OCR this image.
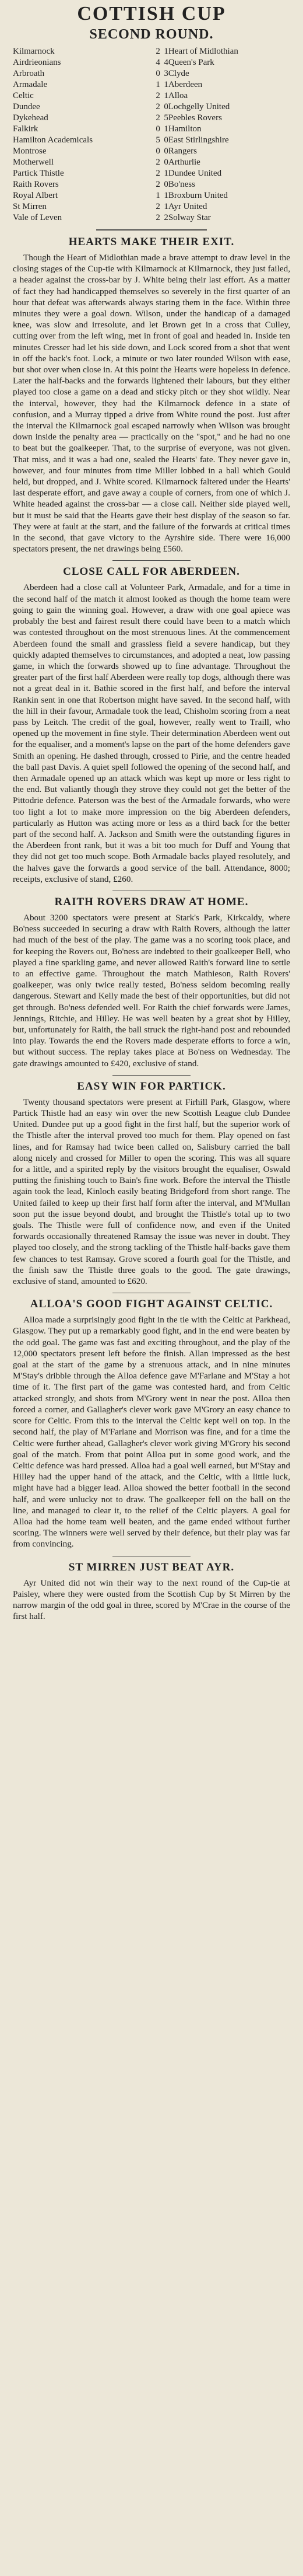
COTTISH CUP
SECOND ROUND.
Kilmarnock	2	1	Heart of Midlothian
Airdrieonians	4	4	Queen's Park
Arbroath	0	3	Clyde
Armadale	1	1	Aberdeen
Celtic	2	1	Alloa
Dundee	2	0	Lochgelly United
Dykehead	2	5	Peebles Rovers
Falkirk	0	1	Hamilton
Hamilton Academicals	5	0	East Stirlingshire
Montrose	0	0	Rangers
Motherwell	2	0	Arthurlie
Partick Thistle	2	1	Dundee United
Raith Rovers	2	0	Bo'ness
Royal Albert	1	1	Broxburn United
St Mirren	2	1	Ayr United
Vale of Leven	2	2	Solway Star
HEARTS MAKE THEIR EXIT.

Though the Heart of Midlothian made a brave attempt to draw level in the closing stages of the Cup-tie with Kilmarnock at Kilmarnock, they just failed, a header against the cross-bar by J. White being their last effort. As a matter of fact they had handicapped themselves so severely in the first quarter of an hour that defeat was afterwards always staring them in the face. Within three minutes they were a goal down. Wilson, under the handicap of a damaged knee, was slow and irresolute, and let Brown get in a cross that Culley, cutting over from the left wing, met in front of goal and headed in. Inside ten minutes Cresser had let his side down, and Lock scored from a shot that went in off the back's foot. Lock, a minute or two later rounded Wilson with ease, but shot over when close in. At this point the Hearts were hopeless in defence. Later the half-backs and the forwards lightened their labours, but they either played too close a game on a dead and sticky pitch or they shot wildly. Near the interval, however, they had the Kilmarnock defence in a state of confusion, and a Murray tipped a drive from White round the post. Just after the interval the Kilmarnock goal escaped narrowly when Wilson was brought down inside the penalty area — practically on the "spot," and he had no one to beat but the goalkeeper. That, to the surprise of everyone, was not given. That miss, and it was a bad one, sealed the Hearts' fate. They never gave in, however, and four minutes from time Miller lobbed in a ball which Gould held, but dropped, and J. White scored. Kilmarnock faltered under the Hearts' last desperate effort, and gave away a couple of corners, from one of which J. White headed against the cross-bar — a close call. Neither side played well, but it must be said that the Hearts gave their best display of the season so far. They were at fault at the start, and the failure of the forwards at critical times in the second, that gave victory to the Ayrshire side. There were 16,000 spectators present, the net drawings being £560.

CLOSE CALL FOR ABERDEEN.

Aberdeen had a close call at Volunteer Park, Armadale, and for a time in the second half of the match it almost looked as though the home team were going to gain the winning goal. However, a draw with one goal apiece was probably the best and fairest result there could have been to a match which was contested throughout on the most strenuous lines. At the commencement Aberdeen found the small and grassless field a severe handicap, but they quickly adapted themselves to circumstances, and adopted a neat, low passing game, in which the forwards showed up to fine advantage. Throughout the greater part of the first half Aberdeen were really top dogs, although there was not a great deal in it. Bathie scored in the first half, and before the interval Rankin sent in one that Robertson might have saved. In the second half, with the hill in their favour, Armadale took the lead, Chisholm scoring from a neat pass by Leitch. The credit of the goal, however, really went to Traill, who opened up the movement in fine style. Their determination Aberdeen went out for the equaliser, and a moment's lapse on the part of the home defenders gave Smith an opening. He dashed through, crossed to Pirie, and the centre headed the ball past Davis. A quiet spell followed the opening of the second half, and then Armadale opened up an attack which was kept up more or less right to the end. But valiantly though they strove they could not get the better of the Pittodrie defence. Paterson was the best of the Armadale forwards, who were too light a lot to make more impression on the big Aberdeen defenders, particularly as Hutton was acting more or less as a third back for the better part of the second half. A. Jackson and Smith were the outstanding figures in the Aberdeen front rank, but it was a bit too much for Duff and Young that they did not get too much scope. Both Armadale backs played resolutely, and the halves gave the forwards a good service of the ball. Attendance, 8000; receipts, exclusive of stand, £260.

RAITH ROVERS DRAW AT HOME.

About 3200 spectators were present at Stark's Park, Kirkcaldy, where Bo'ness succeeded in securing a draw with Raith Rovers, although the latter had much of the best of the play. The game was a no scoring took place, and for keeping the Rovers out, Bo'ness are indebted to their goalkeeper Bell, who played a fine sparkling game, and never allowed Raith's forward line to settle to an effective game. Throughout the match Mathieson, Raith Rovers' goalkeeper, was only twice really tested, Bo'ness seldom becoming really dangerous. Stewart and Kelly made the best of their opportunities, but did not get through. Bo'ness defended well. For Raith the chief forwards were James, Jennings, Ritchie, and Hilley. He was well beaten by a great shot by Hilley, but, unfortunately for Raith, the ball struck the right-hand post and rebounded into play. Towards the end the Rovers made desperate efforts to force a win, but without success. The replay takes place at Bo'ness on Wednesday. The gate drawings amounted to £420, exclusive of stand.

EASY WIN FOR PARTICK.

Twenty thousand spectators were present at Firhill Park, Glasgow, where Partick Thistle had an easy win over the new Scottish League club Dundee United. Dundee put up a good fight in the first half, but the superior work of the Thistle after the interval proved too much for them. Play opened on fast lines, and for Ramsay had twice been called on, Salisbury carried the ball along nicely and crossed for Miller to open the scoring. This was all square for a little, and a spirited reply by the visitors brought the equaliser, Oswald putting the finishing touch to Bain's fine work. Before the interval the Thistle again took the lead, Kinloch easily beating Bridgeford from short range. The United failed to keep up their first half form after the interval, and M'Mullan soon put the issue beyond doubt, and brought the Thistle's total up to two goals. The Thistle were full of confidence now, and even if the United forwards occasionally threatened Ramsay the issue was never in doubt. They played too closely, and the strong tackling of the Thistle half-backs gave them few chances to test Ramsay. Grove scored a fourth goal for the Thistle, and the finish saw the Thistle three goals to the good. The gate drawings, exclusive of stand, amounted to £620.

ALLOA'S GOOD FIGHT AGAINST CELTIC.

Alloa made a surprisingly good fight in the tie with the Celtic at Parkhead, Glasgow. They put up a remarkably good fight, and in the end were beaten by the odd goal. The game was fast and exciting throughout, and the play of the 12,000 spectators present left before the finish. Allan impressed as the best goal at the start of the game by a strenuous attack, and in nine minutes M'Stay's dribble through the Alloa defence gave M'Farlane and M'Stay a hot time of it. The first part of the game was contested hard, and from Celtic attacked strongly, and shots from M'Grory went in near the post. Alloa then forced a corner, and Gallagher's clever work gave M'Grory an easy chance to score for Celtic. From this to the interval the Celtic kept well on top. In the second half, the play of M'Farlane and Morrison was fine, and for a time the Celtic were further ahead, Gallagher's clever work giving M'Grory his second goal of the match. From that point Alloa put in some good work, and the Celtic defence was hard pressed. Alloa had a goal well earned, but M'Stay and Hilley had the upper hand of the attack, and the Celtic, with a little luck, might have had a bigger lead. Alloa showed the better football in the second half, and were unlucky not to draw. The goalkeeper fell on the ball on the line, and managed to clear it, to the relief of the Celtic players. A goal for Alloa had the home team well beaten, and the game ended without further scoring. The winners were well served by their defence, but their play was far from convincing.

ST MIRREN JUST BEAT AYR.

Ayr United did not win their way to the next round of the Cup-tie at Paisley, where they were ousted from the Scottish Cup by St Mirren by the narrow margin of the odd goal in three, scored by M'Crae in the course of the first half.
